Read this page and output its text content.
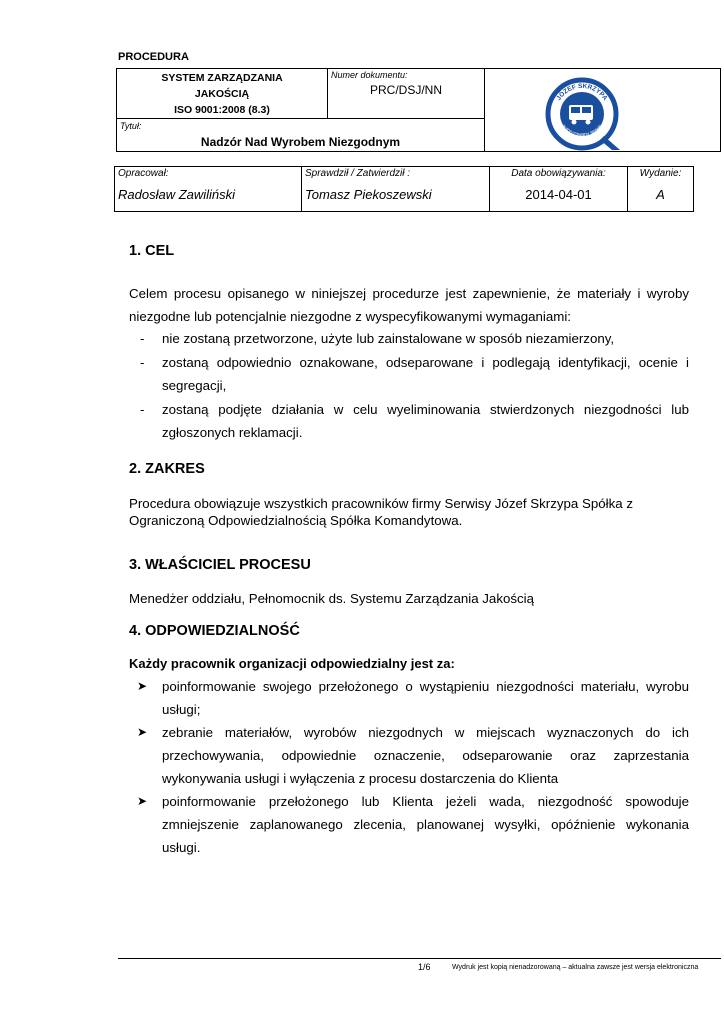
PROCEDURA
SYSTEM ZARZĄDZANIA
JAKOŚCIĄ
ISO 9001:2008 (8.3)
Numer dokumentu:
PRC/DSJ/NN
JÓZEF SKRZYPA
autoryzowany serwis
Tytuł:
Nadzór Nad Wyrobem Niezgodnym
Opracował:
Radosław Zawiliński
Sprawdził / Zatwierdził :
Tomasz Piekoszewski
Data obowiązywania:
2014-04-01
Wydanie:
A
1. CEL
Celem procesu opisanego w niniejszej procedurze jest zapewnienie, że materiały i wyroby niezgodne lub potencjalnie niezgodne z wyspecyfikowanymi wymaganiami:
- nie zostaną przetworzone, użyte lub zainstalowane w sposób niezamierzony,
- zostaną odpowiednio oznakowane, odseparowane i podlegają identyfikacji, ocenie i segregacji,
- zostaną podjęte działania w celu wyeliminowania stwierdzonych niezgodności lub zgłoszonych reklamacji.
2. ZAKRES
Procedura obowiązuje wszystkich pracowników firmy Serwisy Józef Skrzypa Spółka z Ograniczoną Odpowiedzialnością Spółka Komandytowa.
3. WŁAŚCICIEL PROCESU
Menedżer oddziału, Pełnomocnik ds. Systemu Zarządzania Jakością
4. ODPOWIEDZIALNOŚĆ
Każdy pracownik organizacji odpowiedzialny jest za:
➤ poinformowanie swojego przełożonego o wystąpieniu niezgodności materiału, wyrobu usługi;
➤ zebranie materiałów, wyrobów niezgodnych w miejscach wyznaczonych do ich przechowywania, odpowiednie oznaczenie, odseparowanie oraz zaprzestania wykonywania usługi i wyłączenia z procesu dostarczenia do Klienta
➤ poinformowanie przełożonego lub Klienta jeżeli wada, niezgodność spowoduje zmniejszenie zaplanowanego zlecenia, planowanej wysyłki, opóźnienie wykonania usługi.
1/6	Wydruk jest kopią nienadzorowaną – aktualna zawsze jest wersja elektroniczna
